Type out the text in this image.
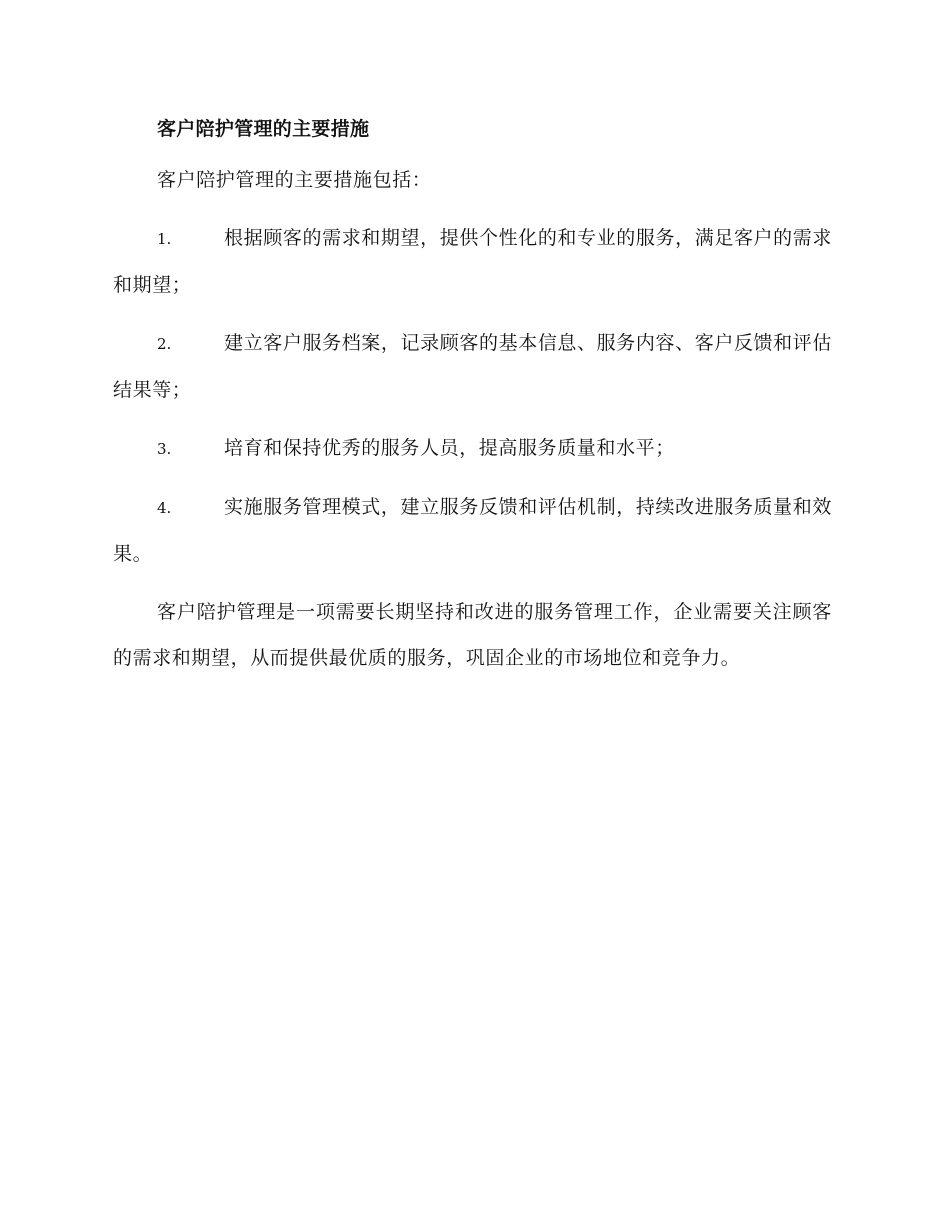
客户陪护管理的主要措施

客户陪护管理的主要措施包括：

1.	根据顾客的需求和期望，提供个性化的和专业的服务，满足客户的需求和期望；

2.	建立客户服务档案，记录顾客的基本信息、服务内容、客户反馈和评估结果等；

3.	培育和保持优秀的服务人员，提高服务质量和水平；

4.	实施服务管理模式，建立服务反馈和评估机制，持续改进服务质量和效果。

客户陪护管理是一项需要长期坚持和改进的服务管理工作，企业需要关注顾客的需求和期望，从而提供最优质的服务，巩固企业的市场地位和竞争力。
